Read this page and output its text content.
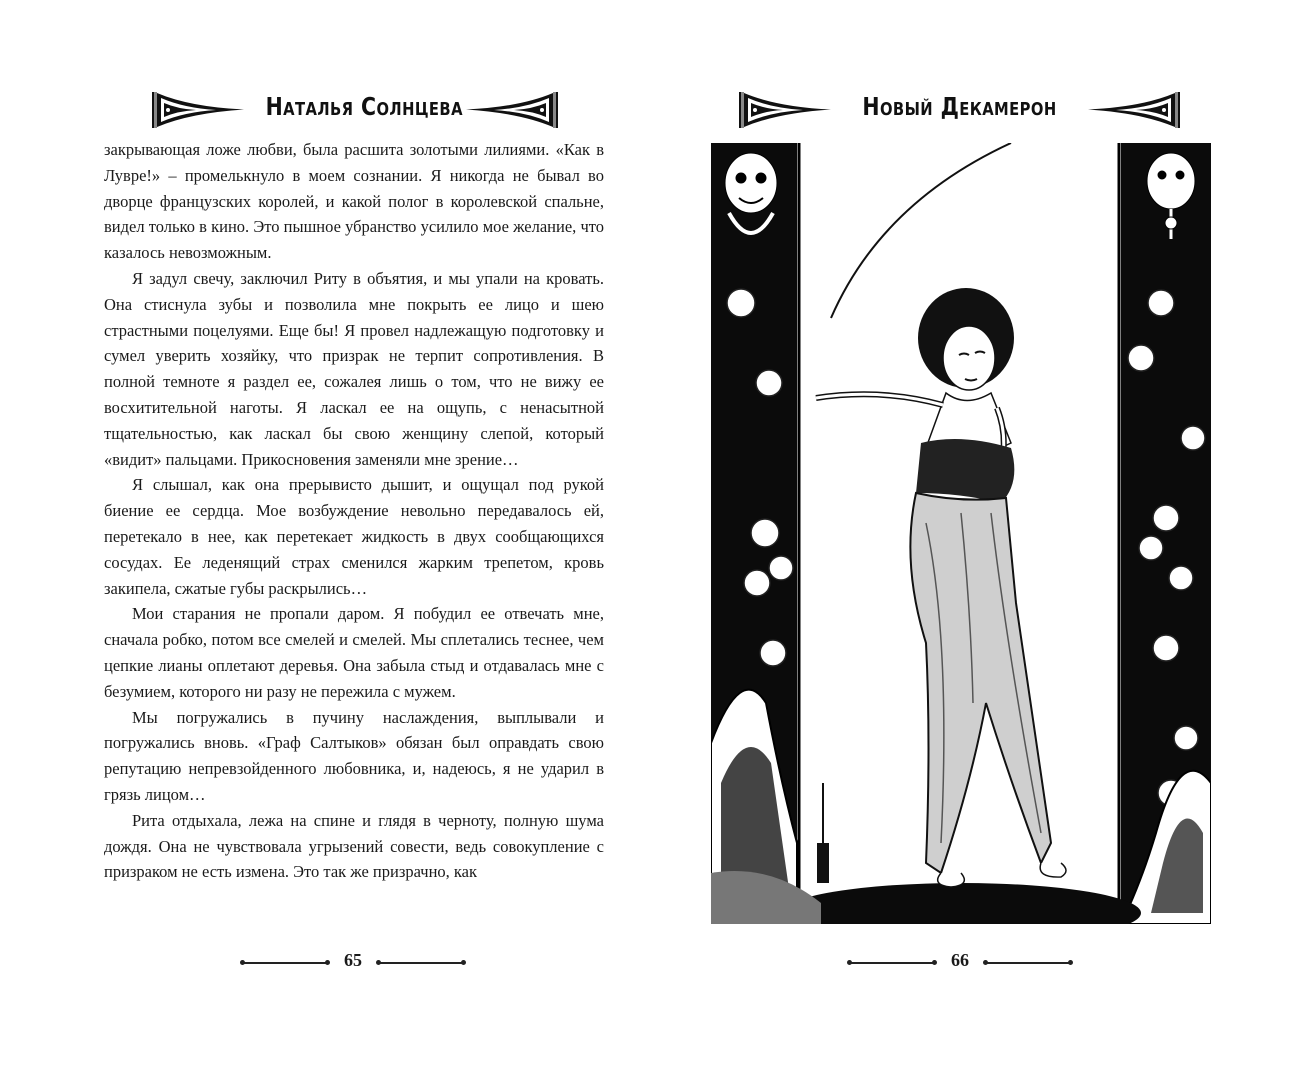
Наталья Солнцева

закрывающая ложе любви, была расшита золотыми лилиями. «Как в Лувре!» – промелькнуло в моем сознании. Я никогда не бывал во дворце французских королей, и какой полог в королевской спальне, видел только в кино. Это пышное убранство усилило мое желание, что казалось невозможным.

Я задул свечу, заключил Риту в объятия, и мы упали на кровать. Она стиснула зубы и позволила мне покрыть ее лицо и шею страстными поцелуями. Еще бы! Я провел надлежащую подготовку и сумел уверить хозяйку, что призрак не терпит сопротивления. В полной темноте я раздел ее, сожалея лишь о том, что не вижу ее восхитительной наготы. Я ласкал ее на ощупь, с ненасытной тщательностью, как ласкал бы свою женщину слепой, который «видит» пальцами. Прикосновения заменяли мне зрение…

Я слышал, как она прерывисто дышит, и ощущал под рукой биение ее сердца. Мое возбуждение невольно передавалось ей, перетекало в нее, как перетекает жидкость в двух сообщающихся сосудах. Ее леденящий страх сменился жарким трепетом, кровь закипела, сжатые губы раскрылись…

Мои старания не пропали даром. Я побудил ее отвечать мне, сначала робко, потом все смелей и смелей. Мы сплетались теснее, чем цепкие лианы оплетают деревья. Она забыла стыд и отдавалась мне с безумием, которого ни разу не пережила с мужем.

Мы погружались в пучину наслаждения, выплывали и погружались вновь. «Граф Салтыков» обязан был оправдать свою репутацию непревзойденного любовника, и, надеюсь, я не ударил в грязь лицом…

Рита отдыхала, лежа на спине и глядя в черноту, полную шума дождя. Она не чувствовала угрызений совести, ведь совокупление с призраком не есть измена. Это так же призрачно, как

65
Новый Декамерон
66
